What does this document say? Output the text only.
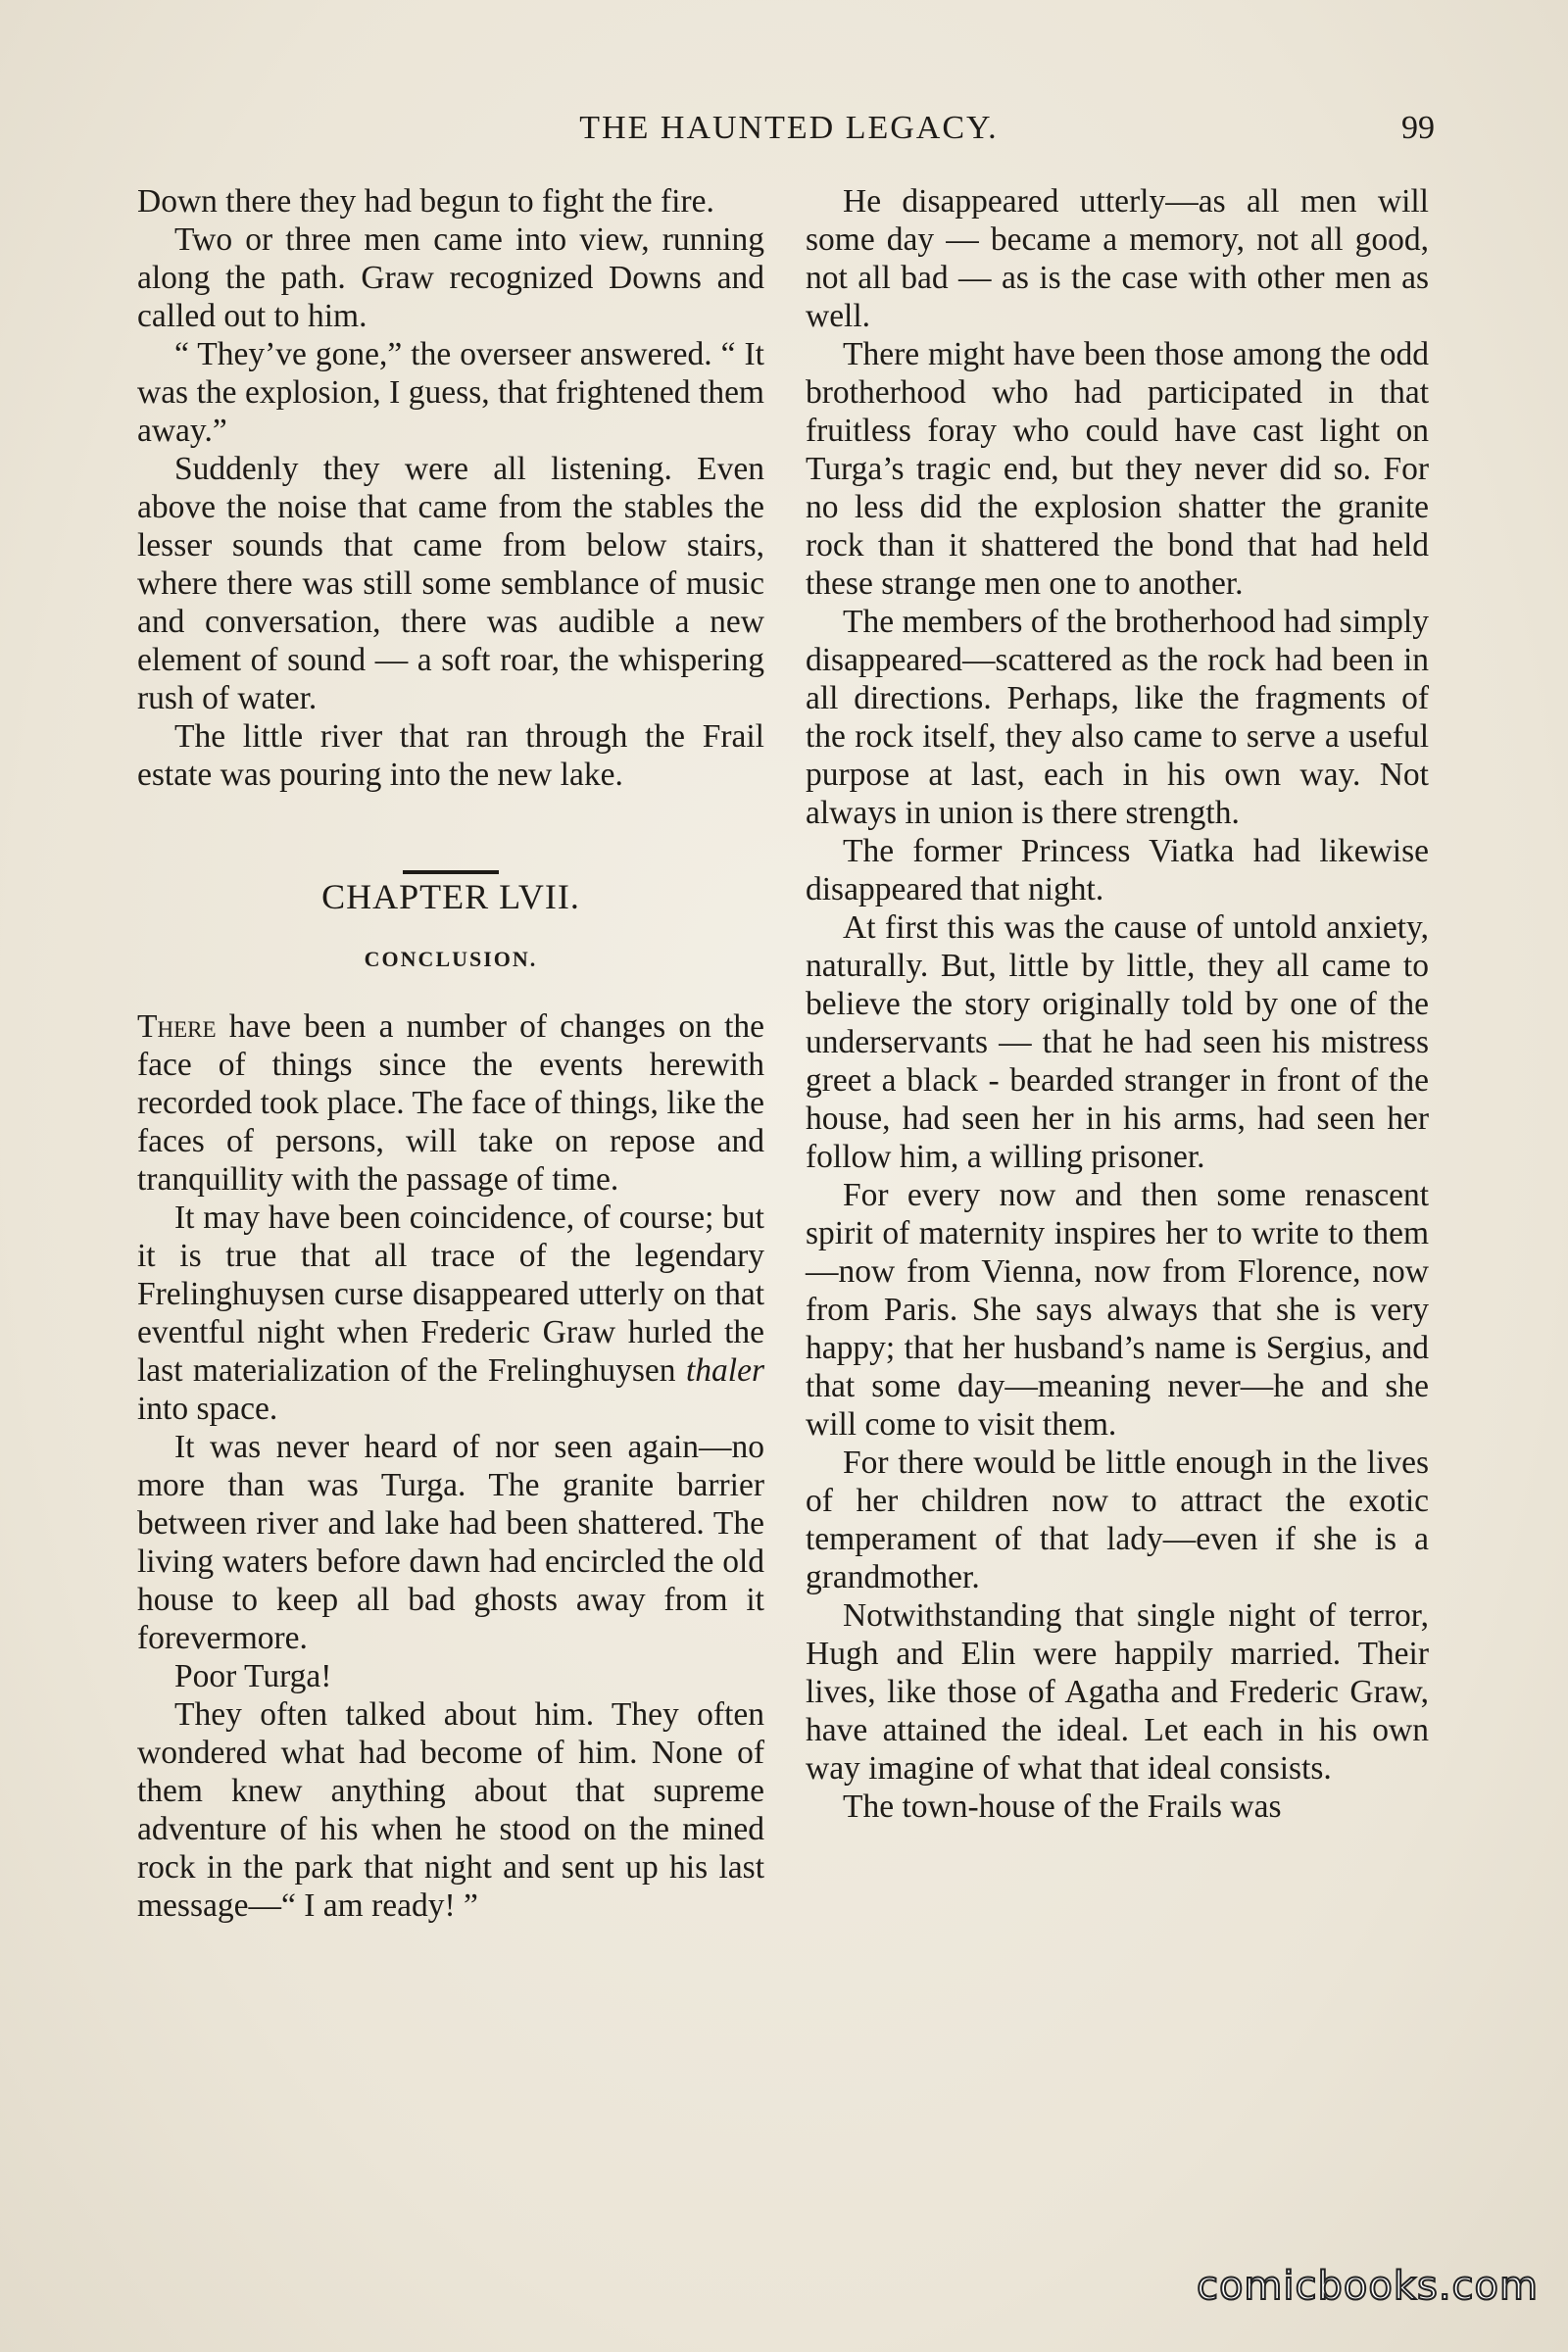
THE HAUNTED LEGACY.	99

Down there they had begun to fight the fire.

Two or three men came into view, running along the path. Graw recognized Downs and called out to him.

“ They’ve gone,” the overseer answered. “ It was the explosion, I guess, that frightened them away.”

Suddenly they were all listening. Even above the noise that came from the stables the lesser sounds that came from below stairs, where there was still some semblance of music and conversation, there was audible a new element of sound — a soft roar, the whispering rush of water.

The little river that ran through the Frail estate was pouring into the new lake.

CHAPTER LVII.
CONCLUSION.

There have been a number of changes on the face of things since the events herewith recorded took place. The face of things, like the faces of persons, will take on repose and tranquillity with the passage of time.

It may have been coincidence, of course; but it is true that all trace of the legendary Frelinghuysen curse disappeared utterly on that eventful night when Frederic Graw hurled the last materialization of the Frelinghuysen thaler into space.

It was never heard of nor seen again—no more than was Turga. The granite barrier between river and lake had been shattered. The living waters before dawn had encircled the old house to keep all bad ghosts away from it forevermore.

Poor Turga!

They often talked about him. They often wondered what had become of him. None of them knew anything about that supreme adventure of his when he stood on the mined rock in the park that night and sent up his last message—“ I am ready! ”

He disappeared utterly—as all men will some day — became a memory, not all good, not all bad — as is the case with other men as well.

There might have been those among the odd brotherhood who had participated in that fruitless foray who could have cast light on Turga’s tragic end, but they never did so. For no less did the explosion shatter the granite rock than it shattered the bond that had held these strange men one to another.

The members of the brotherhood had simply disappeared—scattered as the rock had been in all directions. Perhaps, like the fragments of the rock itself, they also came to serve a useful purpose at last, each in his own way. Not always in union is there strength.

The former Princess Viatka had likewise disappeared that night.

At first this was the cause of untold anxiety, naturally. But, little by little, they all came to believe the story originally told by one of the underservants — that he had seen his mistress greet a black - bearded stranger in front of the house, had seen her in his arms, had seen her follow him, a willing prisoner.

For every now and then some renascent spirit of maternity inspires her to write to them—now from Vienna, now from Florence, now from Paris. She says always that she is very happy; that her husband’s name is Sergius, and that some day—meaning never—he and she will come to visit them.

For there would be little enough in the lives of her children now to attract the exotic temperament of that lady—even if she is a grandmother.

Notwithstanding that single night of terror, Hugh and Elin were happily married. Their lives, like those of Agatha and Frederic Graw, have attained the ideal. Let each in his own way imagine of what that ideal consists.

The town-house of the Frails was

comicbooks.com
